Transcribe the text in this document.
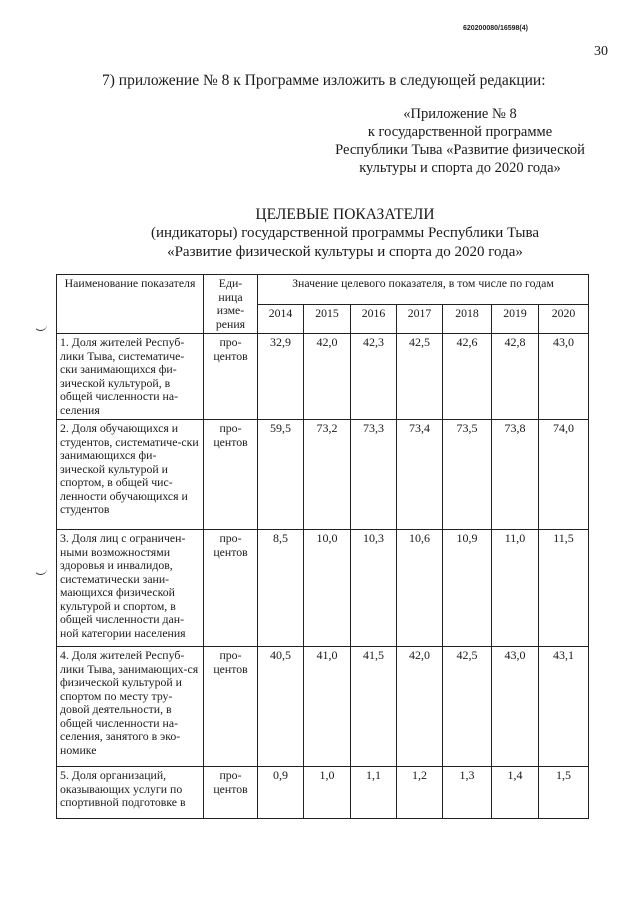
620200080/16598(4)
30
7) приложение № 8 к Программе изложить в следующей редакции:
«Приложение № 8
к государственной программе
Республики Тыва «Развитие физической
культуры и спорта до 2020 года»
ЦЕЛЕВЫЕ ПОКАЗАТЕЛИ
(индикаторы) государственной программы Республики Тыва
«Развитие физической культуры и спорта до 2020 года»
Наименование показателя	Еди-ница изме-рения	Значение целевого показателя, в том числе по годам						
		2014	2015	2016	2017	2018	2019	2020
1. Доля жителей Респуб-лики Тыва, систематиче-ски занимающихся фи-зической культурой, в общей численности на-селения	про-центов	32,9	42,0	42,3	42,5	42,6	42,8	43,0
2. Доля обучающихся и студентов, систематиче-ски занимающихся фи-зической культурой и спортом, в общей чис-ленности обучающихся и студентов	про-центов	59,5	73,2	73,3	73,4	73,5	73,8	74,0
3. Доля лиц с ограничен-ными возможностями здоровья и инвалидов, систематически зани-мающихся физической культурой и спортом, в общей численности дан-ной категории населения	про-центов	8,5	10,0	10,3	10,6	10,9	11,0	11,5
4. Доля жителей Респуб-лики Тыва, занимающих-ся физической культурой и спортом по месту тру-довой деятельности, в общей численности на-селения, занятого в эко-номике	про-центов	40,5	41,0	41,5	42,0	42,5	43,0	43,1
5. Доля организаций, оказывающих услуги по спортивной подготовке в	про-центов	0,9	1,0	1,1	1,2	1,3	1,4	1,5
